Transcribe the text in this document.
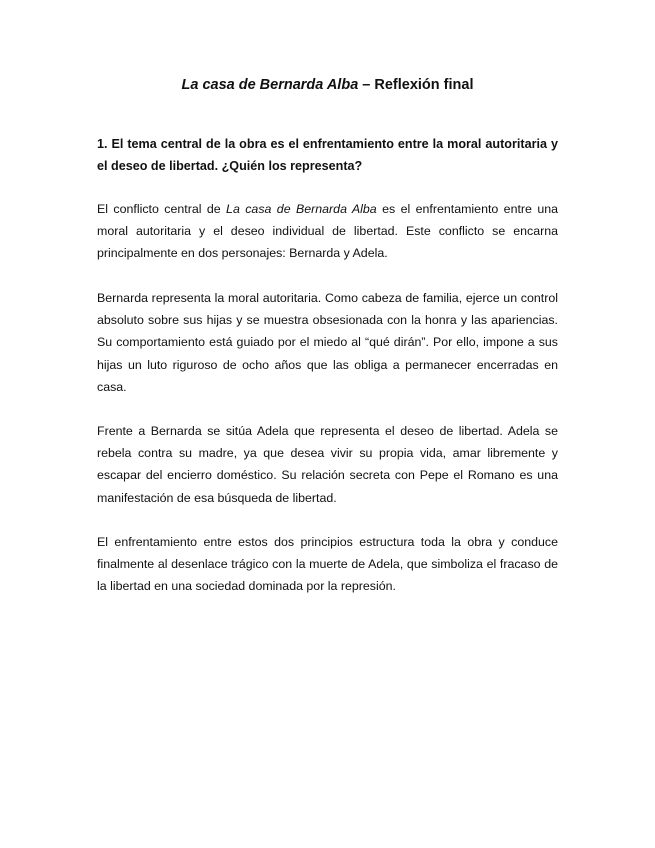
La casa de Bernarda Alba – Reflexión final

1. El tema central de la obra es el enfrentamiento entre la moral autoritaria y el deseo de libertad. ¿Quién los representa?

El conflicto central de La casa de Bernarda Alba es el enfrentamiento entre una moral autoritaria y el deseo individual de libertad. Este conflicto se encarna principalmente en dos personajes: Bernarda y Adela.

Bernarda representa la moral autoritaria. Como cabeza de familia, ejerce un control absoluto sobre sus hijas y se muestra obsesionada con la honra y las apariencias. Su comportamiento está guiado por el miedo al “qué dirán”. Por ello, impone a sus hijas un luto riguroso de ocho años que las obliga a permanecer encerradas en casa.

Frente a Bernarda se sitúa Adela que representa el deseo de libertad. Adela se rebela contra su madre, ya que desea vivir su propia vida, amar libremente y escapar del encierro doméstico. Su relación secreta con Pepe el Romano es una manifestación de esa búsqueda de libertad.

El enfrentamiento entre estos dos principios estructura toda la obra y conduce finalmente al desenlace trágico con la muerte de Adela, que simboliza el fracaso de la libertad en una sociedad dominada por la represión.
